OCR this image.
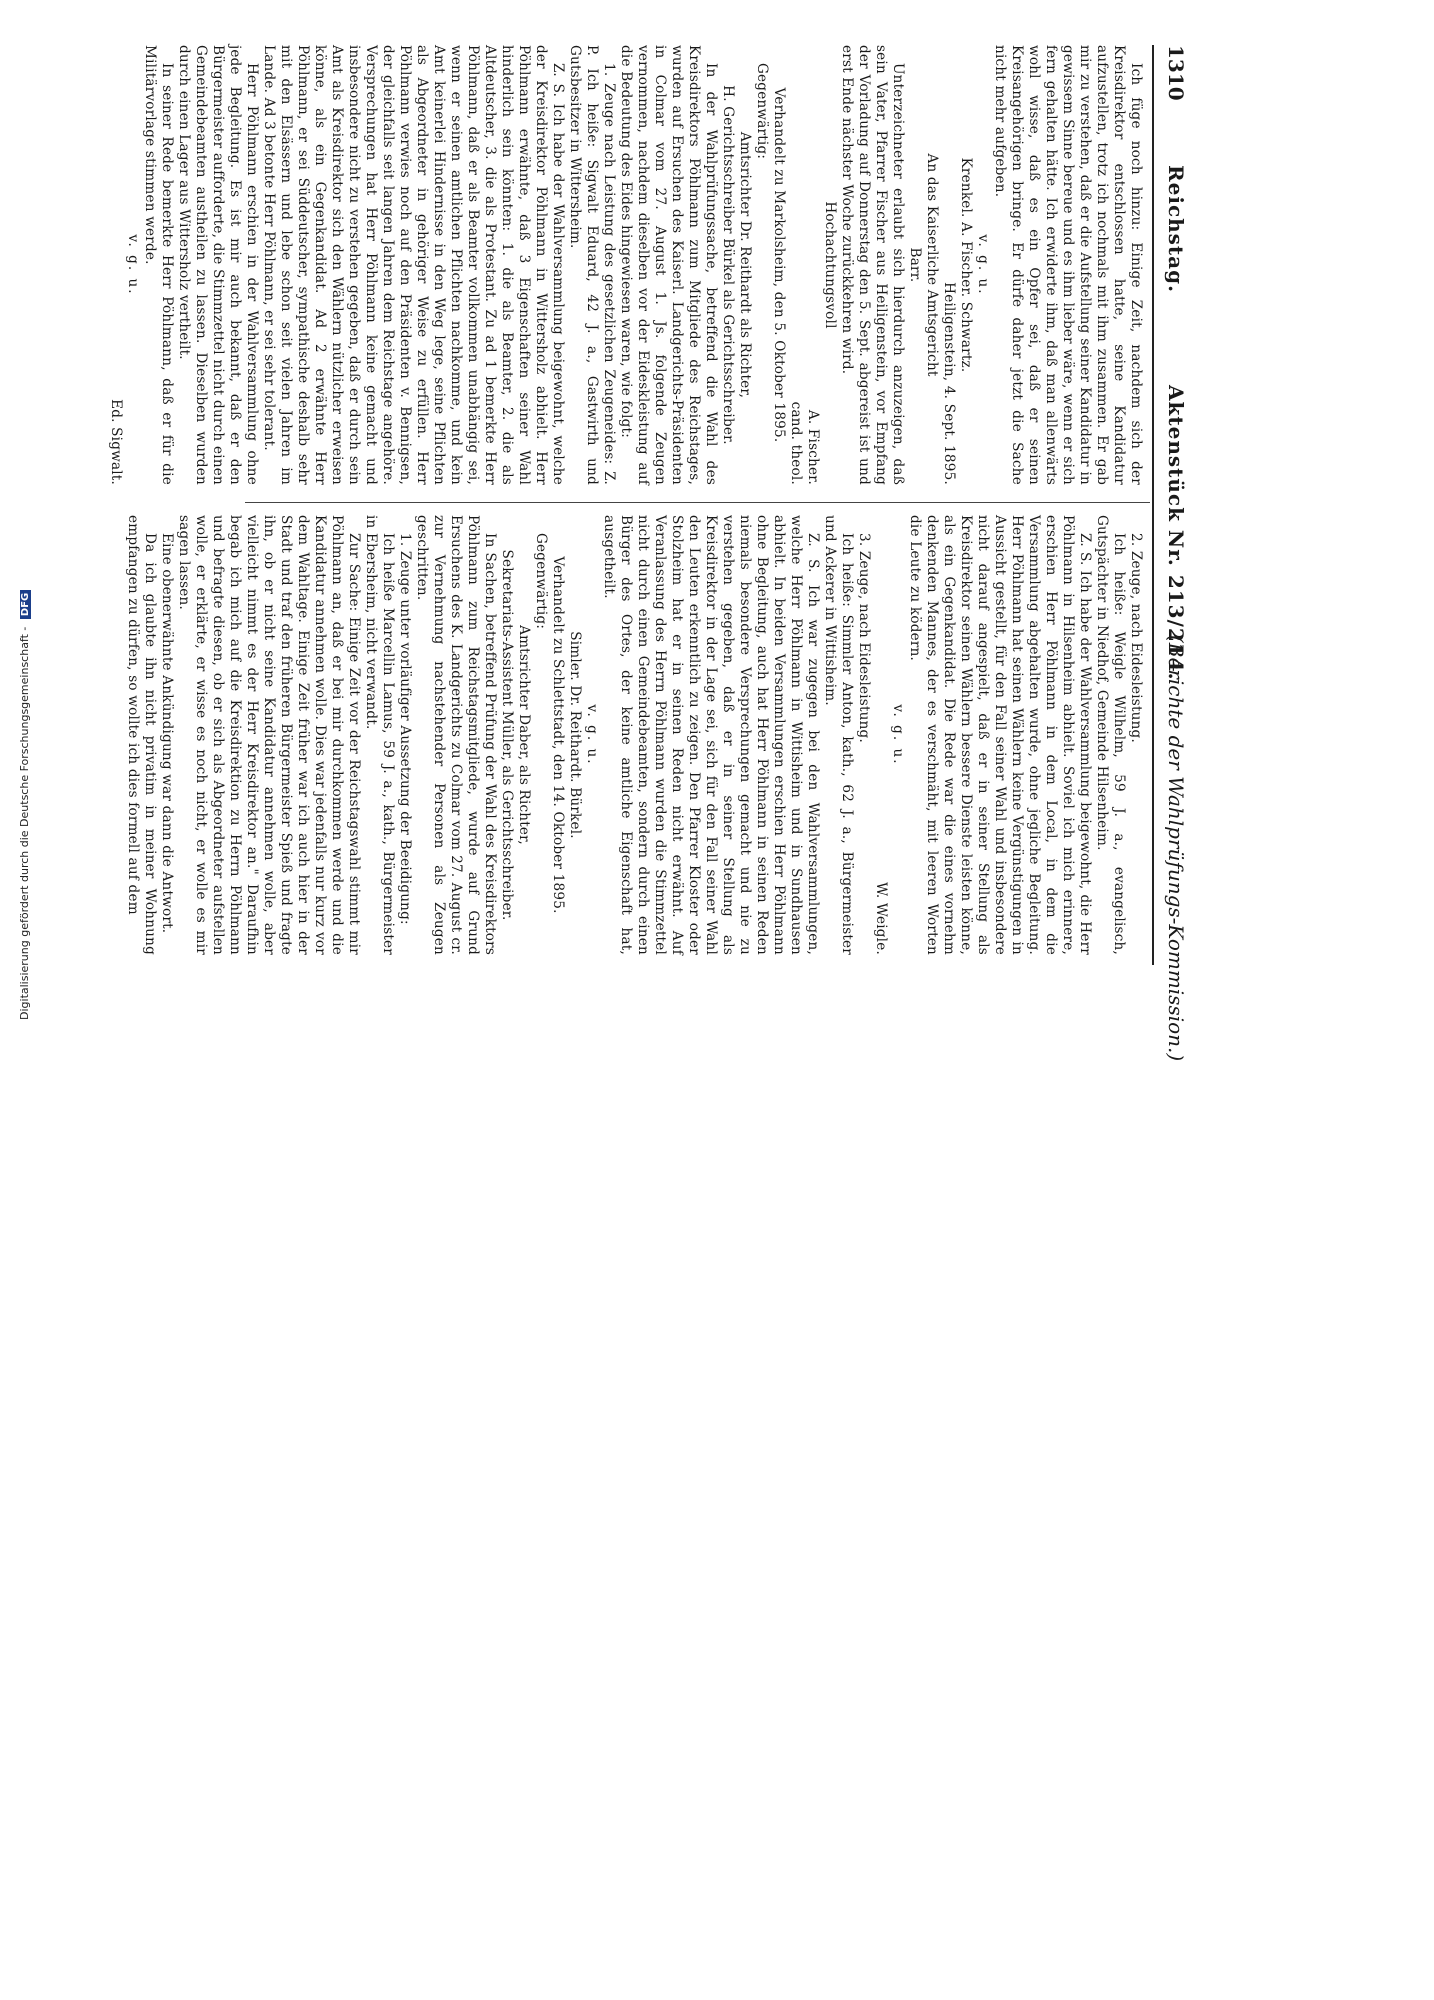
1310
Reichstag.
Aktenstück Nr. 213/214.
(Berichte der Wahlprüfungs-Kommission.)

Ich füge noch hinzu: Einige Zeit, nachdem sich der Kreisdirektor entschlossen hatte, seine Kandidatur aufzustellen, trotz ich nochmals mit ihm zusammen. Er gab mir zu verstehen, daß er die Aufstellung seiner Kandidatur in gewissem Sinne bereue und es ihm lieber wäre, wenn er sich fern gehalten hätte. Ich erwiderte ihm, daß man allenwärts wohl wisse, daß es ein Opfer sei, daß er seinen Kreisangehörigen bringe. Er dürfe daher jetzt die Sache nicht mehr aufgeben.

v. g. u.

Krenkel. A. Fischer. Schwartz.

Heiligenstein, 4. Sept. 1895.

An das Kaiserliche Amtsgericht

Barr.

Unterzeichneter erlaubt sich hierdurch anzuzeigen, daß sein Vater, Pfarrer Fischer aus Heiligenstein, vor Empfang der Vorladung auf Donnerstag den 5. Sept. abgereist ist und erst Ende nächster Woche zurückkehren wird.

Hochachtungsvoll

A. Fischer.

cand. theol.

Verhandelt zu Markolsheim, den 5. Oktober 1895.

Gegenwärtig:

Amtsrichter Dr. Reithardt als Richter,

H. Gerichtsschreiber Bürkel als Gerichtsschreiber.

In der Wahlprüfungssache, betreffend die Wahl des Kreisdirektors Pöhlmann zum Mitgliede des Reichstages, wurden auf Ersuchen des Kaiserl. Landgerichts-Präsidenten in Colmar vom 27. August 1. Js. folgende Zeugen vernommen, nachdem dieselben vor der Eideskleistung auf die Bedeutung des Eides hingewiesen waren, wie folgt:

1. Zeuge nach Leistung des gesetzlichen Zeugeneides: Z. P. Ich heiße: Sigwalt Eduard, 42 J. a., Gastwirth und Gutsbesitzer in Wittersheim.

Z. S. Ich habe der Wahlversammlung beigewohnt, welche der Kreisdirektor Pöhlmann in Wittersholz abhielt. Herr Pöhlmann erwähnte, daß 3 Eigenschaften seiner Wahl hinderlich sein könnten: 1. die als Beamter, 2. die als Altdeutscher, 3. die als Protestant. Zu ad 1 bemerkte Herr Pöhlmann, daß er als Beamter vollkommen unabhängig sei, wenn er seinen amtlichen Pflichten nachkomme, und kein Amt keinerlei Hindernisse in den Weg lege, seine Pflichten als Abgeordneter in gehöriger Weise zu erfüllen. Herr Pöhlmann verwies noch auf den Präsidenten v. Bennigsen, der gleichfalls seit langen Jahren dem Reichstage angehöre. Versprechungen hat Herr Pöhlmann keine gemacht und insbesondere nicht zu verstehen gegeben, daß er durch sein Amt als Kreisdirektor sich den Wählern nützlicher erweisen könne, als ein Gegenkandidat. Ad 2 erwähnte Herr Pöhlmann, er sei Süddeutscher, sympathische deshalb sehr mit den Elsässern und lebe schon seit vielen Jahren im Lande. Ad 3 betonte Herr Pöhlmann, er sei sehr tolerant.

Herr Pöhlmann erschien in der Wahlversammlung ohne jede Begleitung. Es ist mir auch bekannt, daß er den Bürgermeister aufforderte, die Stimmzettel nicht durch einen Gemeindebeamten austheilen zu lassen. Dieselben wurden durch einen Lager aus Wittersholz vertheilt.

In seiner Rede bemerkte Herr Pöhlmann, daß er für die Militärvorlage stimmen werde.

v. g. u.

Ed. Sigwalt.

2. Zeuge, nach Eidesleistung.

Ich heiße: Weigle Wilhelm, 59 J. a., evangelisch, Gutspächter in Niedhof, Gemeinde Hilsenheim.

Z. S. Ich habe der Wahlversammlung beigewohnt, die Herr Pöhlmann in Hilsenheim abhielt. Soviel ich mich erinnere, erschien Herr Pöhlmann in dem Local, in dem die Versammlung abgehalten wurde, ohne jegliche Begleitung. Herr Pöhlmann hat seinen Wählern keine Vergünstigungen in Aussicht gestellt, für den Fall seiner Wahl und insbesondere nicht darauf angespielt, daß er in seiner Stellung als Kreisdirektor seinen Wählern bessere Dienste leisten könne, als ein Gegenkandidat. Die Rede war die eines vornehm denkenden Mannes, der es verschmäht, mit leeren Worten die Leute zu ködern.

v. g. u.

W. Weigle.

3. Zeuge, nach Eidesleistung.

Ich heiße: Simmler Anton, kath., 62 J. a., Bürgermeister und Ackerer in Wittisheim.

Z. S. Ich war zugegen bei den Wahlversammlungen, welche Herr Pöhlmann in Wittisheim und in Sundhausen abhielt. In beiden Versammlungen erschien Herr Pöhlmann ohne Begleitung, auch hat Herr Pöhlmann in seinen Reden niemals besondere Versprechungen gemacht und nie zu verstehen gegeben, daß er in seiner Stellung als Kreisdirektor in der Lage sei, sich für den Fall seiner Wahl den Leuten erkenntlich zu zeigen. Den Pfarrer Kloster oder Stolzheim hat er in seinen Reden nicht erwähnt. Auf Veranlassung des Herrn Pöhlmann wurden die Stimmzettel nicht durch einen Gemeindebeamten, sondern durch einen Bürger des Ortes, der keine amtliche Eigenschaft hat, ausgetheilt.

v. g. u.

Simler. Dr. Reithardt. Bürkel.

Verhandelt zu Schlettstadt, den 14. Oktober 1895.

Gegenwärtig:

Amtsrichter Daber, als Richter,

Sekretariats-Assistent Müller, als Gerichtsschreiber.

In Sachen, betreffend Prüfung der Wahl des Kreisdirektors Pöhlmann zum Reichstagsmitgliede, wurde auf Grund Ersuchens des K. Landgerichts zu Colmar vom 27. August cr. zur Vernehmung nachstehender Personen als Zeugen geschritten.

1. Zeuge unter vorläufiger Aussetzung der Beeidigung:

Ich heiße Marcellin Lamus, 59 J. a., kath., Bürgermeister in Ebersheim, nicht verwandt.

Zur Sache: Einige Zeit vor der Reichstagswahl stimmt mir Pöhlmann an, daß er bei mir durchkommen werde und die Kandidatur annehmen wolle. Dies war jedenfalls nur kurz vor dem Wahltage. Einige Zeit früher war ich auch hier in der Stadt und traf den früheren Bürgermeister Spieß und fragte ihn, ob er nicht seine Kandidatur annehmen wolle, aber vielleicht nimmt es der Herr Kreisdirektor an." Daraufhin begab ich mich auf die Kreisdirektion zu Herrn Pöhlmann und befragte diesen, ob er sich als Abgeordneter aufstellen wolle, er erklärte, er wisse es noch nicht, er wolle es mir sagen lassen.

Eine obenerwähnte Ankündigung war dann die Antwort.

Da ich glaubte ihn nicht privatim in meiner Wohnung empfangen zu dürfen, so wollte ich dies formell auf dem

Digitalisierung gefördert durch die Deutsche Forschungsgemeinschaft - DFG
